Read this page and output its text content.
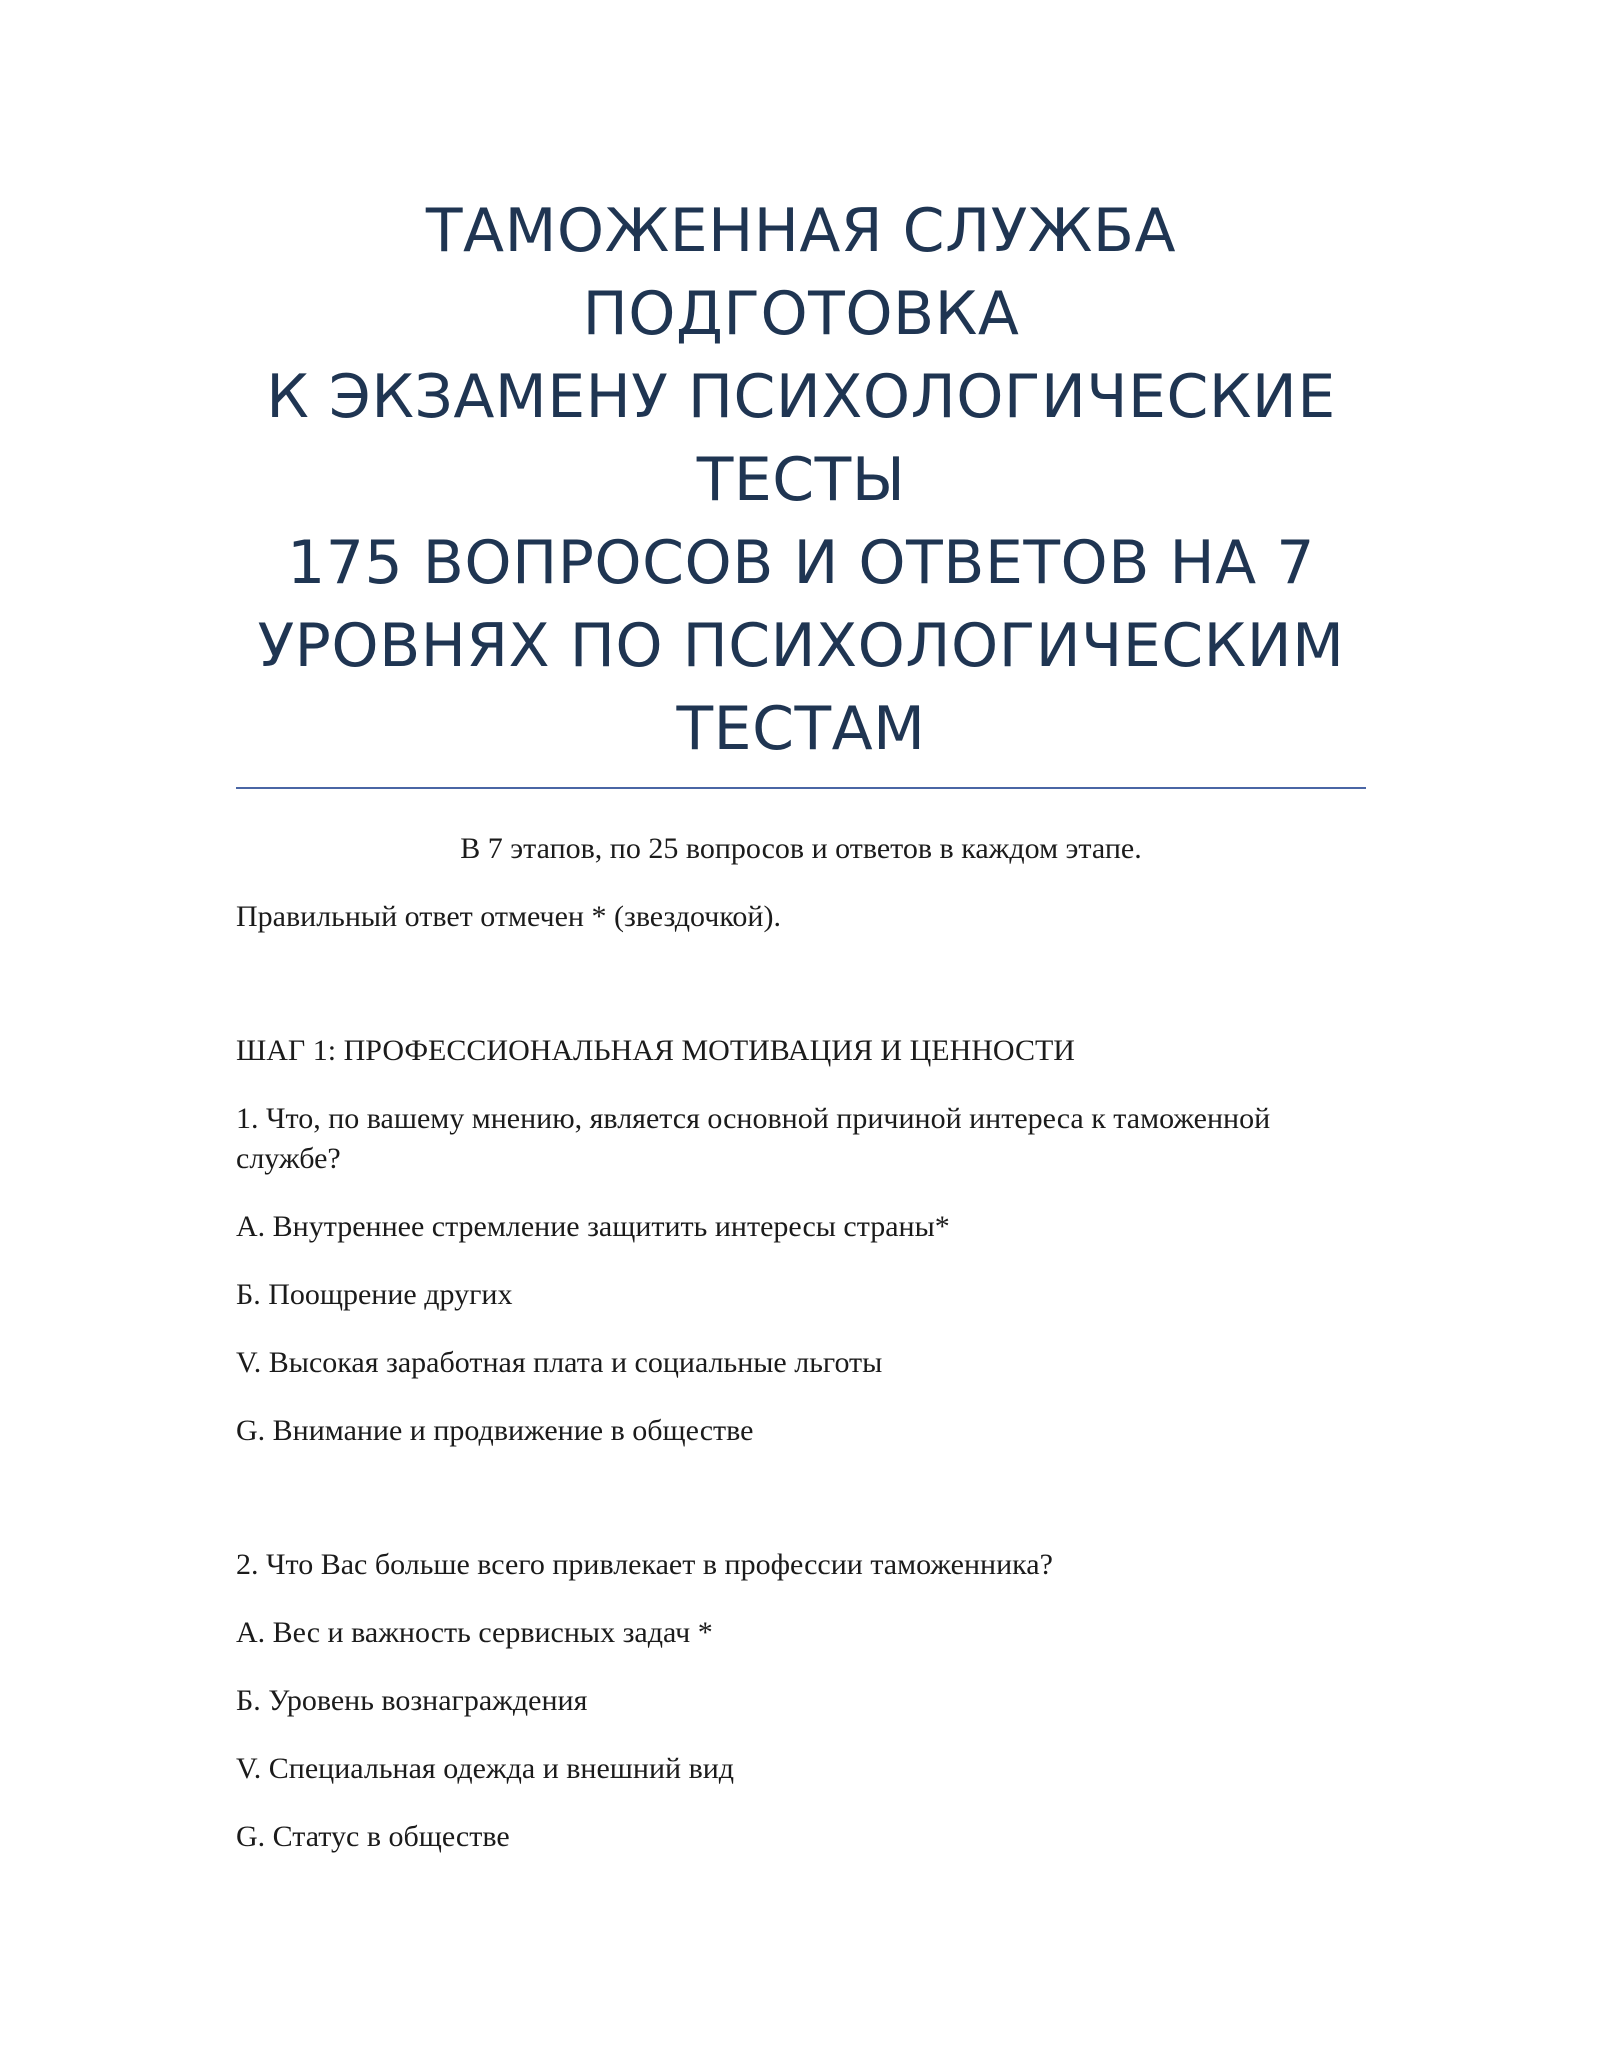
ТАМОЖЕННАЯ СЛУЖБА ПОДГОТОВКА
К ЭКЗАМЕНУ ПСИХОЛОГИЧЕСКИЕ
ТЕСТЫ
175 ВОПРОСОВ И ОТВЕТОВ НА 7
УРОВНЯХ ПО ПСИХОЛОГИЧЕСКИМ
ТЕСТАМ

В 7 этапов, по 25 вопросов и ответов в каждом этапе.

Правильный ответ отмечен * (звездочкой).

ШАГ 1: ПРОФЕССИОНАЛЬНАЯ МОТИВАЦИЯ И ЦЕННОСТИ

1. Что, по вашему мнению, является основной причиной интереса к таможенной службе?

A. Внутреннее стремление защитить интересы страны*

Б. Поощрение других

V. Высокая заработная плата и социальные льготы

G. Внимание и продвижение в обществе

2. Что Вас больше всего привлекает в профессии таможенника?

A. Вес и важность сервисных задач *

Б. Уровень вознаграждения

V. Специальная одежда и внешний вид

G. Статус в обществе
